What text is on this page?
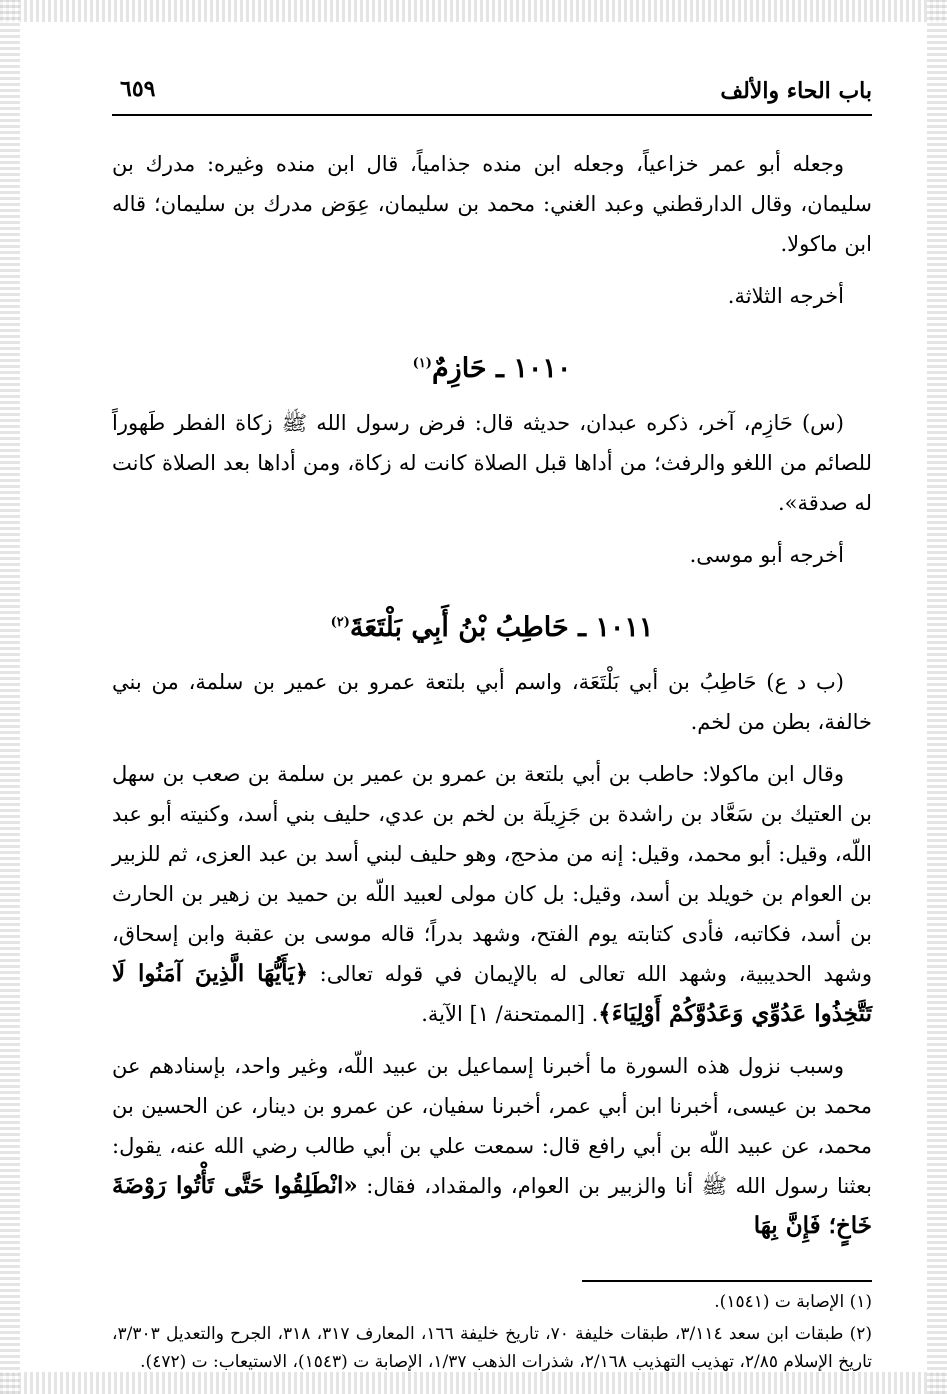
باب الحاء والألف
٦٥٩

وجعله أبو عمر خزاعياً، وجعله ابن منده جذامياً، قال ابن منده وغيره: مدرك بن سليمان، وقال الدارقطني وعبد الغني: محمد بن سليمان، عِوَض مدرك بن سليمان؛ قاله ابن ماكولا.

أخرجه الثلاثة.

١٠١٠ ـ حَازِمٌ$^{(١)}$

(س) حَازِم، آخر، ذكره عبدان، حديثه قال: فرض رسول الله ﷺ زكاة الفطر طَهوراً للصائم من اللغو والرفث؛ من أداها قبل الصلاة كانت له زكاة، ومن أداها بعد الصلاة كانت له صدقة».

أخرجه أبو موسى.

١٠١١ ـ حَاطِبُ بْنُ أَبِي بَلْتَعَةَ$^{(٢)}$

(ب د ع) حَاطِبُ بن أبي بَلْتَعَة، واسم أبي بلتعة عمرو بن عمير بن سلمة، من بني خالفة، بطن من لخم.

وقال ابن ماكولا: حاطب بن أبي بلتعة بن عمرو بن عمير بن سلمة بن صعب بن سهل بن العتيك بن سَعَّاد بن راشدة بن جَزِيلَة بن لخم بن عدي، حليف بني أسد، وكنيته أبو عبد اللّه، وقيل: أبو محمد، وقيل: إنه من مذحج، وهو حليف لبني أسد بن عبد العزى، ثم للزبير بن العوام بن خويلد بن أسد، وقيل: بل كان مولى لعبيد اللّه بن حميد بن زهير بن الحارث بن أسد، فكاتبه، فأدى كتابته يوم الفتح، وشهد بدراً؛ قاله موسى بن عقبة وابن إسحاق، وشهد الحديبية، وشهد الله تعالى له بالإيمان في قوله تعالى: ﴿يَأَيُّهَا الَّذِينَ آمَنُوا لَا تَتَّخِذُوا عَدُوِّي وَعَدُوَّكُمْ أَوْلِيَاءَ﴾. [الممتحنة/ ١] الآية.

وسبب نزول هذه السورة ما أخبرنا إسماعيل بن عبيد اللّه، وغير واحد، بإسنادهم عن محمد بن عيسى، أخبرنا ابن أبي عمر، أخبرنا سفيان، عن عمرو بن دينار، عن الحسين بن محمد، عن عبيد اللّه بن أبي رافع قال: سمعت علي بن أبي طالب رضي الله عنه، يقول: بعثنا رسول الله ﷺ أنا والزبير بن العوام، والمقداد، فقال: «انْطَلِقُوا حَتَّى تَأْتُوا رَوْضَةَ خَاخٍ؛ فَإِنَّ بِهَا

(١) الإصابة ت (١٥٤١).

(٢) طبقات ابن سعد ٣/١١٤، طبقات خليفة ٧٠، تاريخ خليفة ١٦٦، المعارف ٣١٧، ٣١٨، الجرح والتعديل ٣/٣٠٣، تاريخ الإسلام ٢/٨٥، تهذيب التهذيب ٢/١٦٨، شذرات الذهب ١/٣٧، الإصابة ت (١٥٤٣)، الاستيعاب: ت (٤٧٢).
